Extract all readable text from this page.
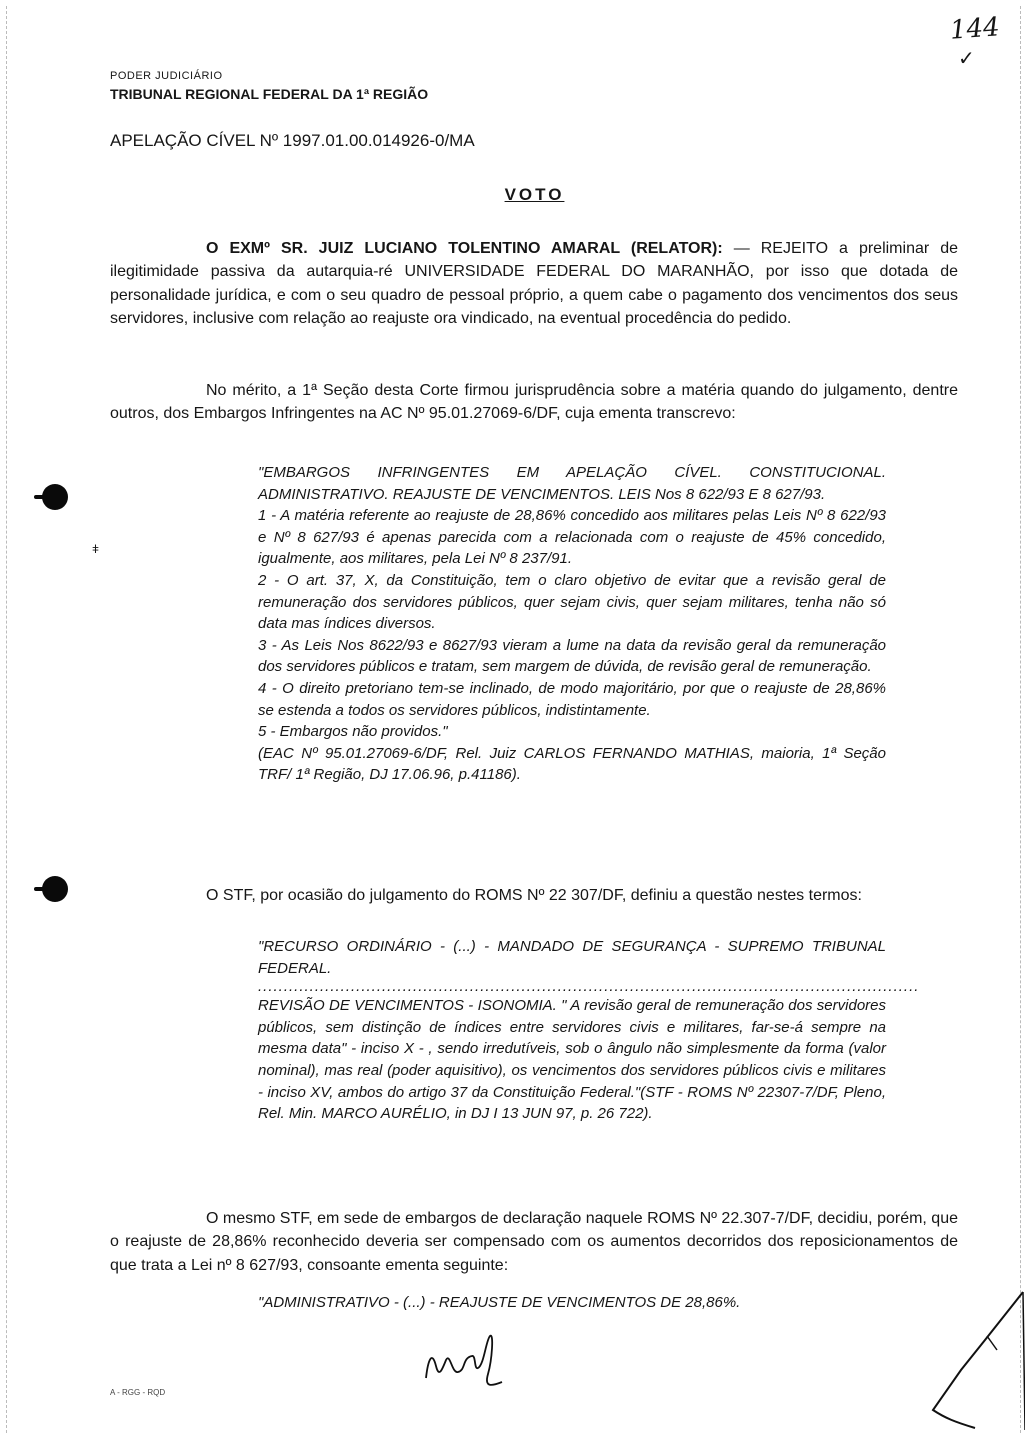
144
✓
PODER JUDICIÁRIO
TRIBUNAL REGIONAL FEDERAL DA 1ª REGIÃO
APELAÇÃO CÍVEL Nº 1997.01.00.014926-0/MA
VOTO
O EXMº SR. JUIZ LUCIANO TOLENTINO AMARAL (RELATOR): — REJEITO a preliminar de ilegitimidade passiva da autarquia-ré UNIVERSIDADE FEDERAL DO MARANHÃO, por isso que dotada de personalidade jurídica, e com o seu quadro de pessoal próprio, a quem cabe o pagamento dos vencimentos dos seus servidores, inclusive com relação ao reajuste ora vindicado, na eventual procedência do pedido.
No mérito, a 1ª Seção desta Corte firmou jurisprudência sobre a matéria quando do julgamento, dentre outros, dos Embargos Infringentes na AC Nº 95.01.27069-6/DF, cuja ementa transcrevo:
ǂ
"EMBARGOS INFRINGENTES EM APELAÇÃO CÍVEL. CONSTITUCIONAL. ADMINISTRATIVO. REAJUSTE DE VENCIMENTOS. LEIS Nos 8 622/93 E 8 627/93.
1 - A matéria referente ao reajuste de 28,86% concedido aos militares pelas Leis Nº 8 622/93 e Nº 8 627/93 é apenas parecida com a relacionada com o reajuste de 45% concedido, igualmente, aos militares, pela Lei Nº 8 237/91.
2 - O art. 37, X, da Constituição, tem o claro objetivo de evitar que a revisão geral de remuneração dos servidores públicos, quer sejam civis, quer sejam militares, tenha não só data mas índices diversos.
3 - As Leis Nos 8622/93 e 8627/93 vieram a lume na data da revisão geral da remuneração dos servidores públicos e tratam, sem margem de dúvida, de revisão geral de remuneração.
4 - O direito pretoriano tem-se inclinado, de modo majoritário, por que o reajuste de 28,86% se estenda a todos os servidores públicos, indistintamente.
5 - Embargos não providos."
(EAC Nº 95.01.27069-6/DF, Rel. Juiz CARLOS FERNANDO MATHIAS, maioria, 1ª Seção TRF/ 1ª Região, DJ 17.06.96, p.41186).
O STF, por ocasião do julgamento do ROMS Nº 22 307/DF, definiu a questão nestes termos:
"RECURSO ORDINÁRIO - (...) - MANDADO DE SEGURANÇA - SUPREMO TRIBUNAL FEDERAL.
................................................................................................................................
REVISÃO DE VENCIMENTOS - ISONOMIA. " A revisão geral de remuneração dos servidores públicos, sem distinção de índices entre servidores civis e militares, far-se-á sempre na mesma data" - inciso X - , sendo irredutíveis, sob o ângulo não simplesmente da forma (valor nominal), mas real (poder aquisitivo), os vencimentos dos servidores públicos civis e militares - inciso XV, ambos do artigo 37 da Constituição Federal."(STF - ROMS Nº 22307-7/DF, Pleno, Rel. Min. MARCO AURÉLIO, in DJ I 13 JUN 97, p. 26 722).
O mesmo STF, em sede de embargos de declaração naquele ROMS Nº 22.307-7/DF, decidiu, porém, que o reajuste de 28,86% reconhecido deveria ser compensado com os aumentos decorridos dos reposicionamentos de que trata a Lei nº 8 627/93, consoante ementa seguinte:
"ADMINISTRATIVO - (...) - REAJUSTE DE VENCIMENTOS DE 28,86%.
A - RGG - RQD
